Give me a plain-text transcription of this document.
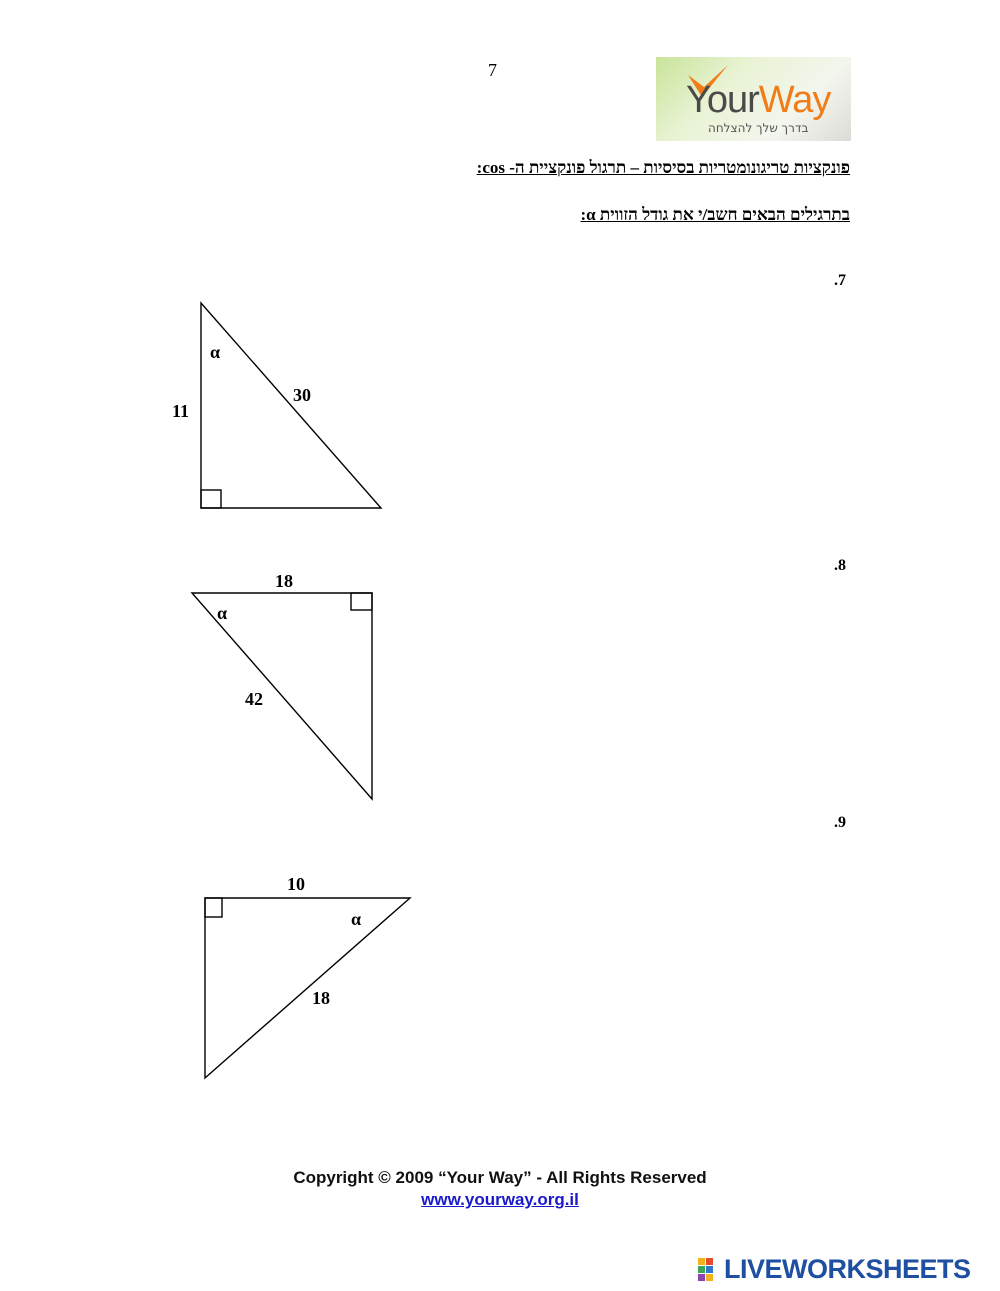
7
YourWay
בדרך שלך להצלחה
פונקציות טריגונומטריות בסיסיות – תרגול פונקציית ה- cos:
בתרגילים הבאים חשב/י את גודל הזווית α:
.7
.8
.9
α
11
30
α
18
42
α
10
18
Copyright © 2009 “Your Way” - All Rights Reserved
www.yourway.org.il
LIVEWORKSHEETS
